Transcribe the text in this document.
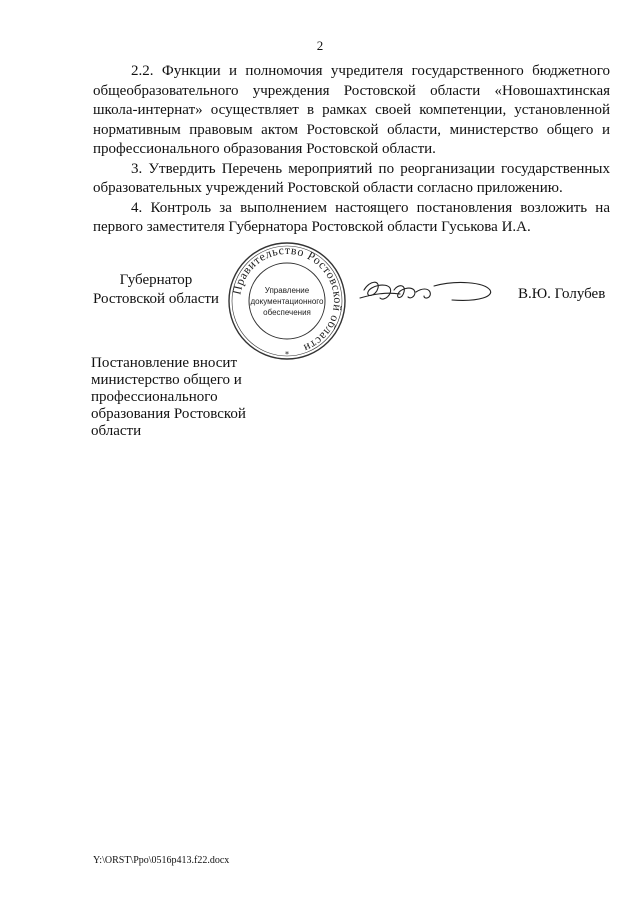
2

2.2. Функции и полномочия учредителя государственного бюджетного общеобразовательного учреждения Ростовской области «Новошахтинская школа-интернат» осуществляет в рамках своей компетенции, установленной нормативным правовым актом Ростовской области, министерство общего и профессионального образования Ростовской области.

3. Утвердить Перечень мероприятий по реорганизации государственных образовательных учреждений Ростовской области согласно приложению.

4. Контроль за выполнением настоящего постановления возложить на первого заместителя Губернатора Ростовской области Гуськова И.А.

Губернатор
Ростовской области
Правительство Ростовской области
Управление
документационного
обеспечения
*
В.Ю. Голубев
Постановление вносит министерство общего и профессионального образования Ростовской области
Y:\ORST\Ppo\0516p413.f22.docx
